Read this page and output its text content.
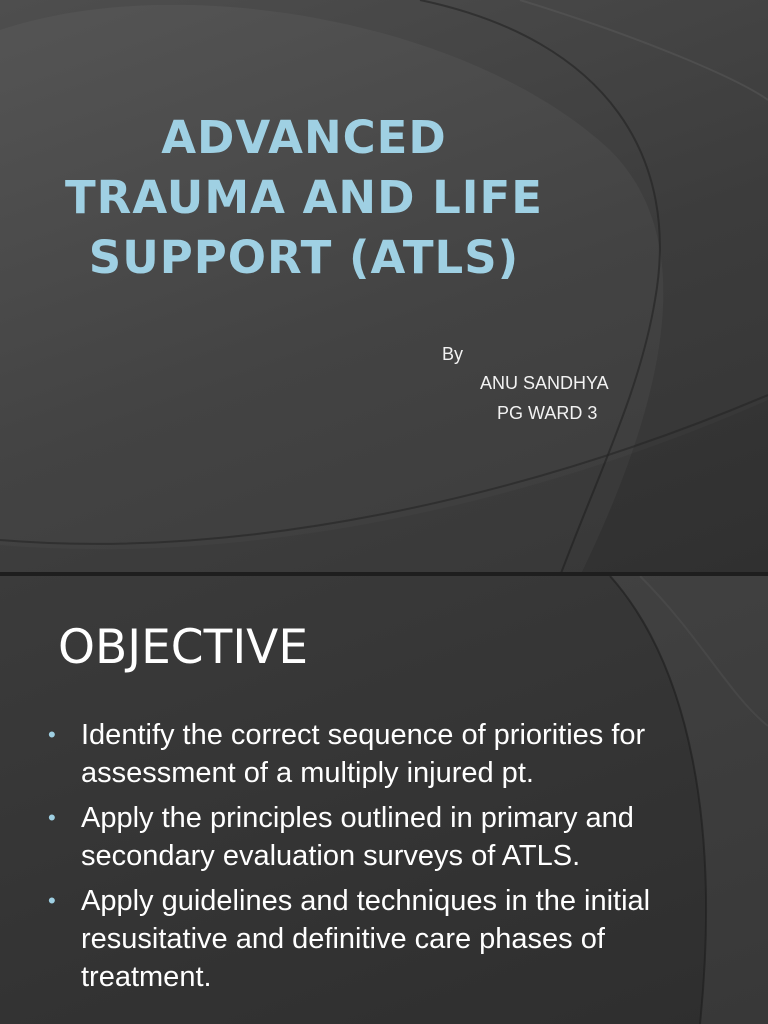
ADVANCED
TRAUMA AND LIFE
SUPPORT (ATLS)
By
ANU SANDHYA
PG WARD 3
OBJECTIVE
• Identify the correct sequence of priorities for assessment of a multiply injured pt.
• Apply the principles outlined in primary and secondary evaluation surveys of ATLS.
• Apply guidelines and techniques in the initial resusitative and definitive care phases of treatment.
